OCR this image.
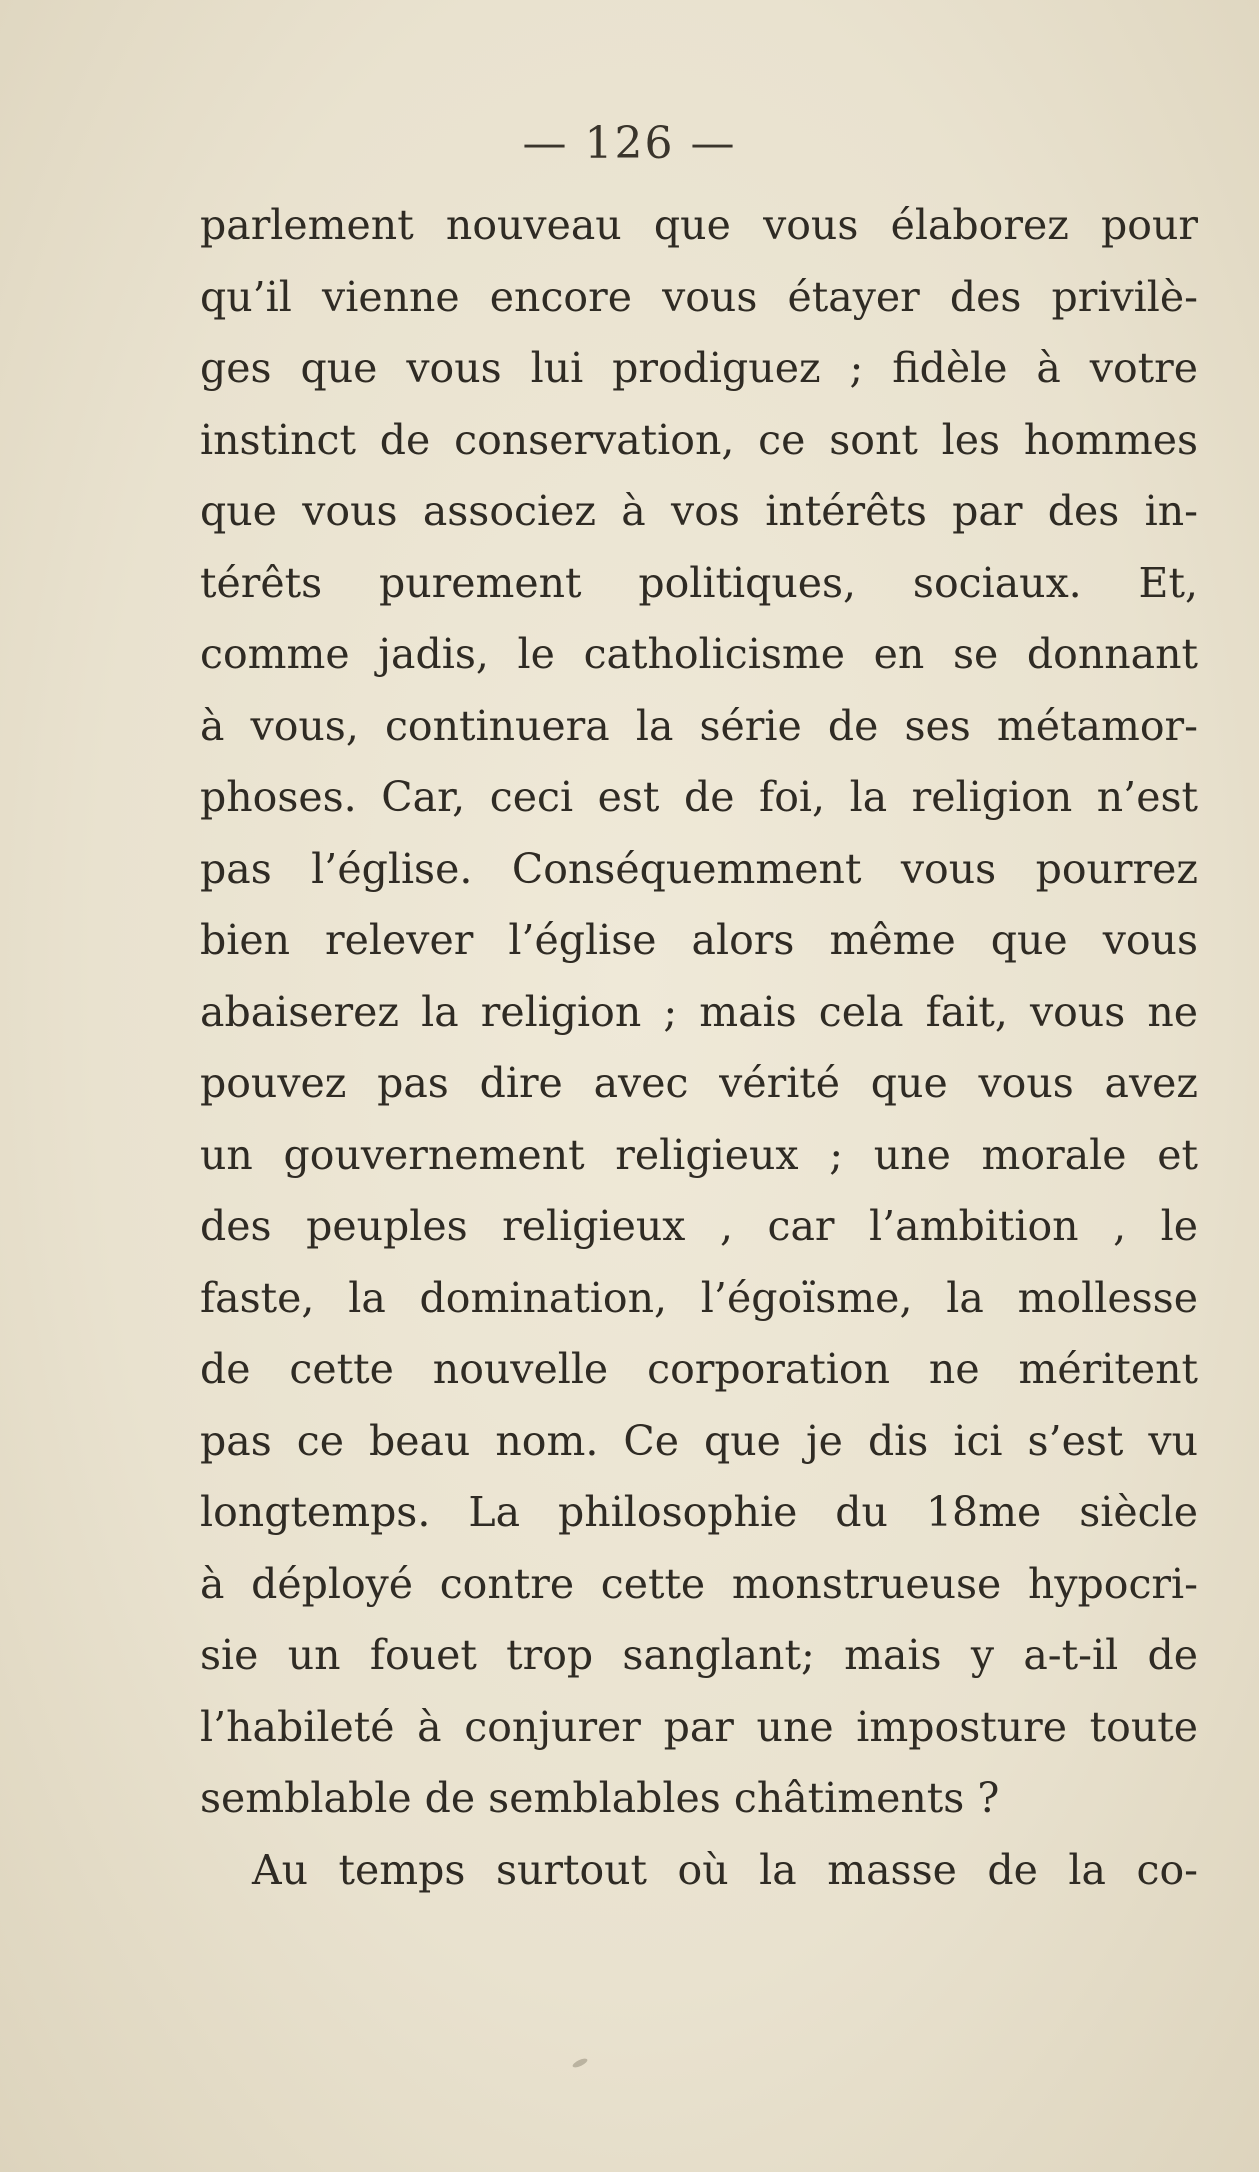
— 126 —
parlement nouveau que vous élaborez pour
qu’il vienne encore vous étayer des privilè-
ges que vous lui prodiguez ; fidèle à votre
instinct de conservation, ce sont les hommes
que vous associez à vos intérêts par des in-
térêts purement politiques, sociaux. Et,
comme jadis, le catholicisme en se donnant
à vous, continuera la série de ses métamor-
phoses. Car, ceci est de foi, la religion n’est
pas l’église. Conséquemment vous pourrez
bien relever l’église alors même que vous
abaiserez la religion ; mais cela fait, vous ne
pouvez pas dire avec vérité que vous avez
un gouvernement religieux ; une morale et
des peuples religieux , car l’ambition , le
faste, la domination, l’égoïsme, la mollesse
de cette nouvelle corporation ne méritent
pas ce beau nom. Ce que je dis ici s’est vu
longtemps. La philosophie du 18me siècle
à déployé contre cette monstrueuse hypocri-
sie un fouet trop sanglant; mais y a-t-il de
l’habileté à conjurer par une imposture toute
semblable de semblables châtiments ?
Au temps surtout où la masse de la co-
